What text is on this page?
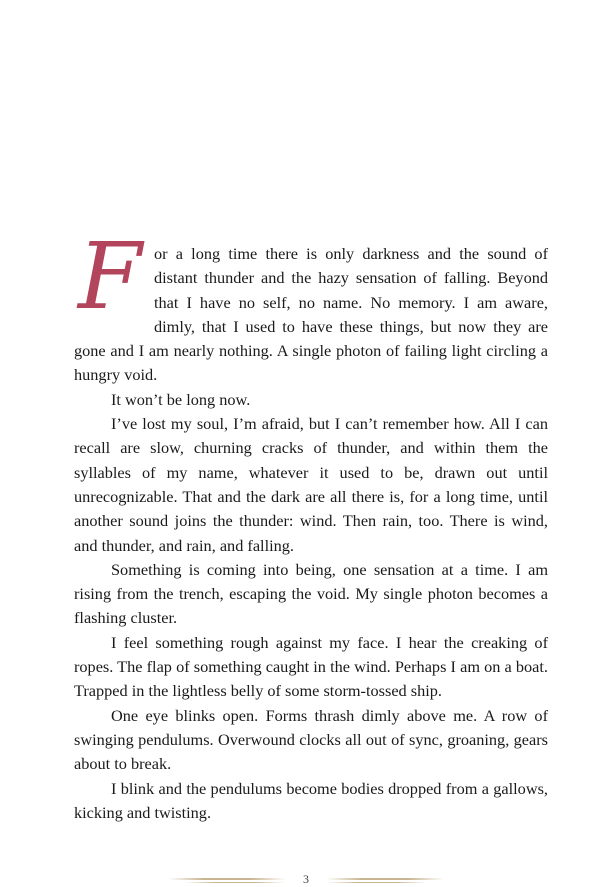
F or a long time there is only darkness and the sound of distant thunder and the hazy sensation of falling. Beyond that I have no self, no name. No memory. I am aware, dimly, that I used to have these things, but now they are gone and I am nearly nothing. A single photon of failing light circling a hungry void.

It won’t be long now.

I’ve lost my soul, I’m afraid, but I can’t remember how. All I can recall are slow, churning cracks of thunder, and within them the syllables of my name, whatever it used to be, drawn out until unrecognizable. That and the dark are all there is, for a long time, until another sound joins the thunder: wind. Then rain, too. There is wind, and thunder, and rain, and falling.

Something is coming into being, one sensation at a time. I am rising from the trench, escaping the void. My single photon becomes a flashing cluster.

I feel something rough against my face. I hear the creaking of ropes. The flap of something caught in the wind. Perhaps I am on a boat. Trapped in the lightless belly of some storm-tossed ship.

One eye blinks open. Forms thrash dimly above me. A row of swinging pendulums. Overwound clocks all out of sync, groaning, gears about to break.

I blink and the pendulums become bodies dropped from a gallows, kicking and twisting.

3
